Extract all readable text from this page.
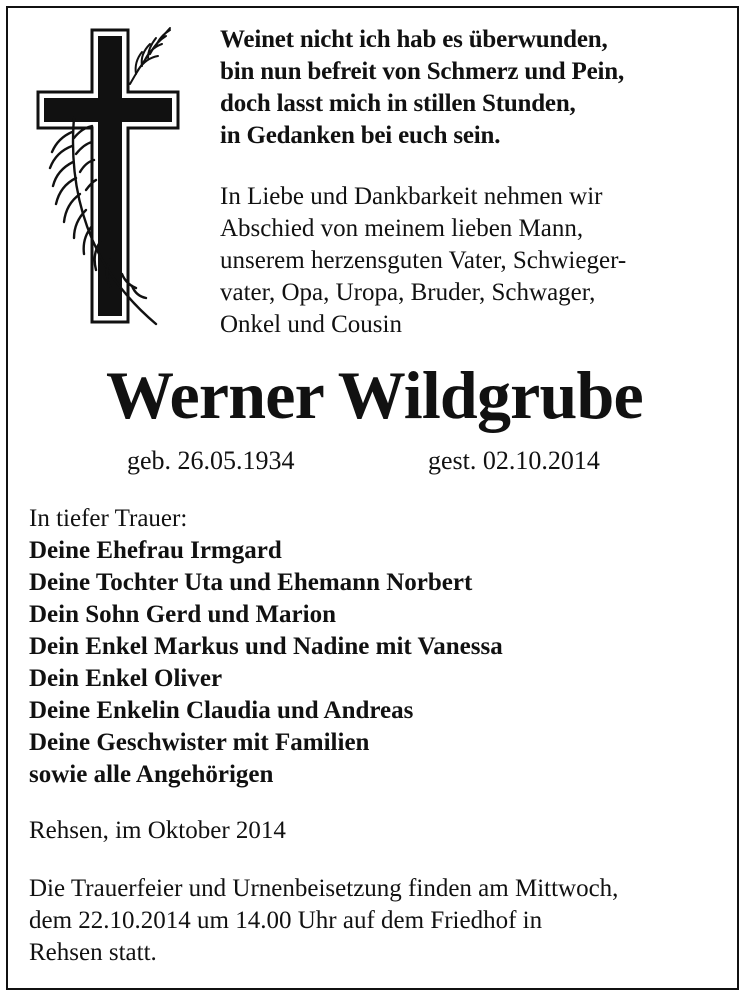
Weinet nicht ich hab es überwunden,
bin nun befreit von Schmerz und Pein,
doch lasst mich in stillen Stunden,
in Gedanken bei euch sein.
In Liebe und Dankbarkeit nehmen wir
Abschied von meinem lieben Mann,
unserem herzensguten Vater, Schwieger-
vater, Opa, Uropa, Bruder, Schwager,
Onkel und Cousin
Werner Wildgrube
geb. 26.05.1934	gest. 02.10.2014
In tiefer Trauer:
Deine Ehefrau Irmgard
Deine Tochter Uta und Ehemann Norbert
Dein Sohn Gerd und Marion
Dein Enkel Markus und Nadine mit Vanessa
Dein Enkel Oliver
Deine Enkelin Claudia und Andreas
Deine Geschwister mit Familien
sowie alle Angehörigen
Rehsen, im Oktober 2014
Die Trauerfeier und Urnenbeisetzung finden am Mittwoch,
dem 22.10.2014 um 14.00 Uhr auf dem Friedhof in
Rehsen statt.
